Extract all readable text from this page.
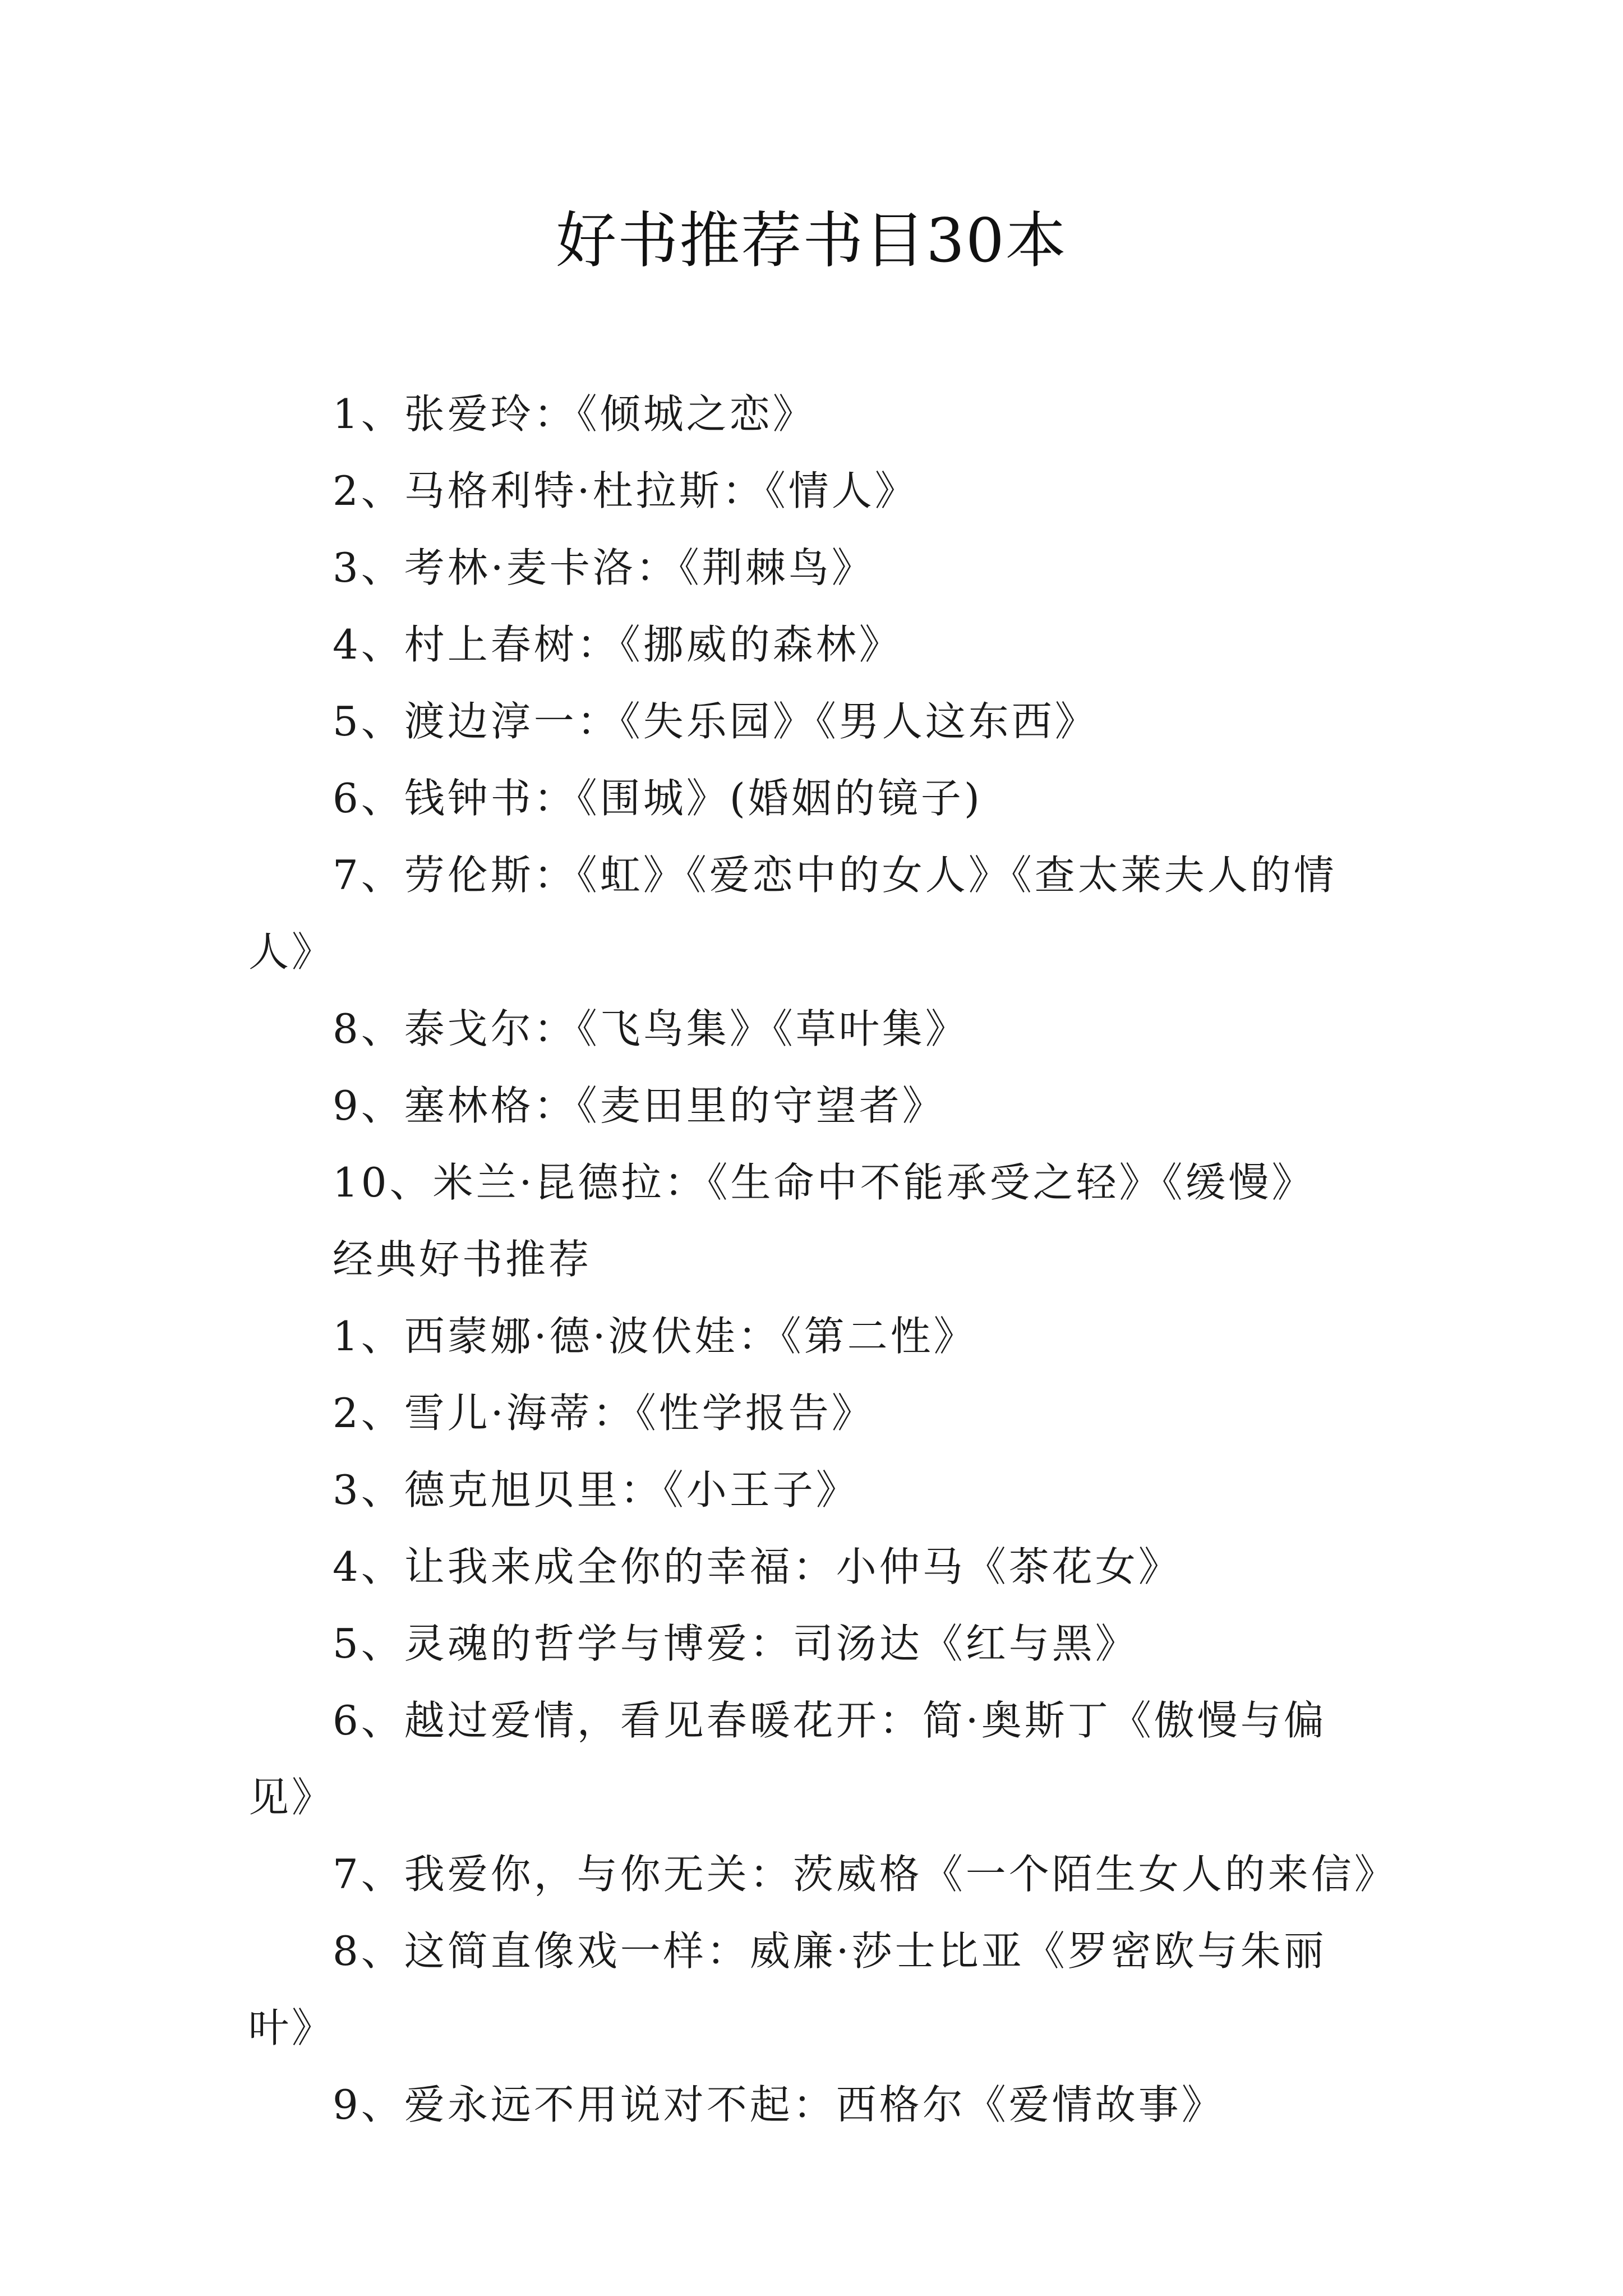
好书推荐书目30本
1、张爱玲：《倾城之恋》
2、马格利特·杜拉斯：《情人》
3、考林·麦卡洛：《荆棘鸟》
4、村上春树：《挪威的森林》
5、渡边淳一：《失乐园》《男人这东西》
6、钱钟书：《围城》(婚姻的镜子)
7、劳伦斯：《虹》《爱恋中的女人》《查太莱夫人的情人》
8、泰戈尔：《飞鸟集》《草叶集》
9、塞林格：《麦田里的守望者》
10、米兰·昆德拉：《生命中不能承受之轻》《缓慢》
经典好书推荐
1、西蒙娜·德·波伏娃：《第二性》
2、雪儿·海蒂：《性学报告》
3、德克旭贝里：《小王子》
4、让我来成全你的幸福：小仲马《茶花女》
5、灵魂的哲学与博爱：司汤达《红与黑》
6、越过爱情，看见春暖花开：简·奥斯丁《傲慢与偏见》
7、我爱你，与你无关：茨威格《一个陌生女人的来信》
8、这简直像戏一样：威廉·莎士比亚《罗密欧与朱丽叶》
9、爱永远不用说对不起：西格尔《爱情故事》
